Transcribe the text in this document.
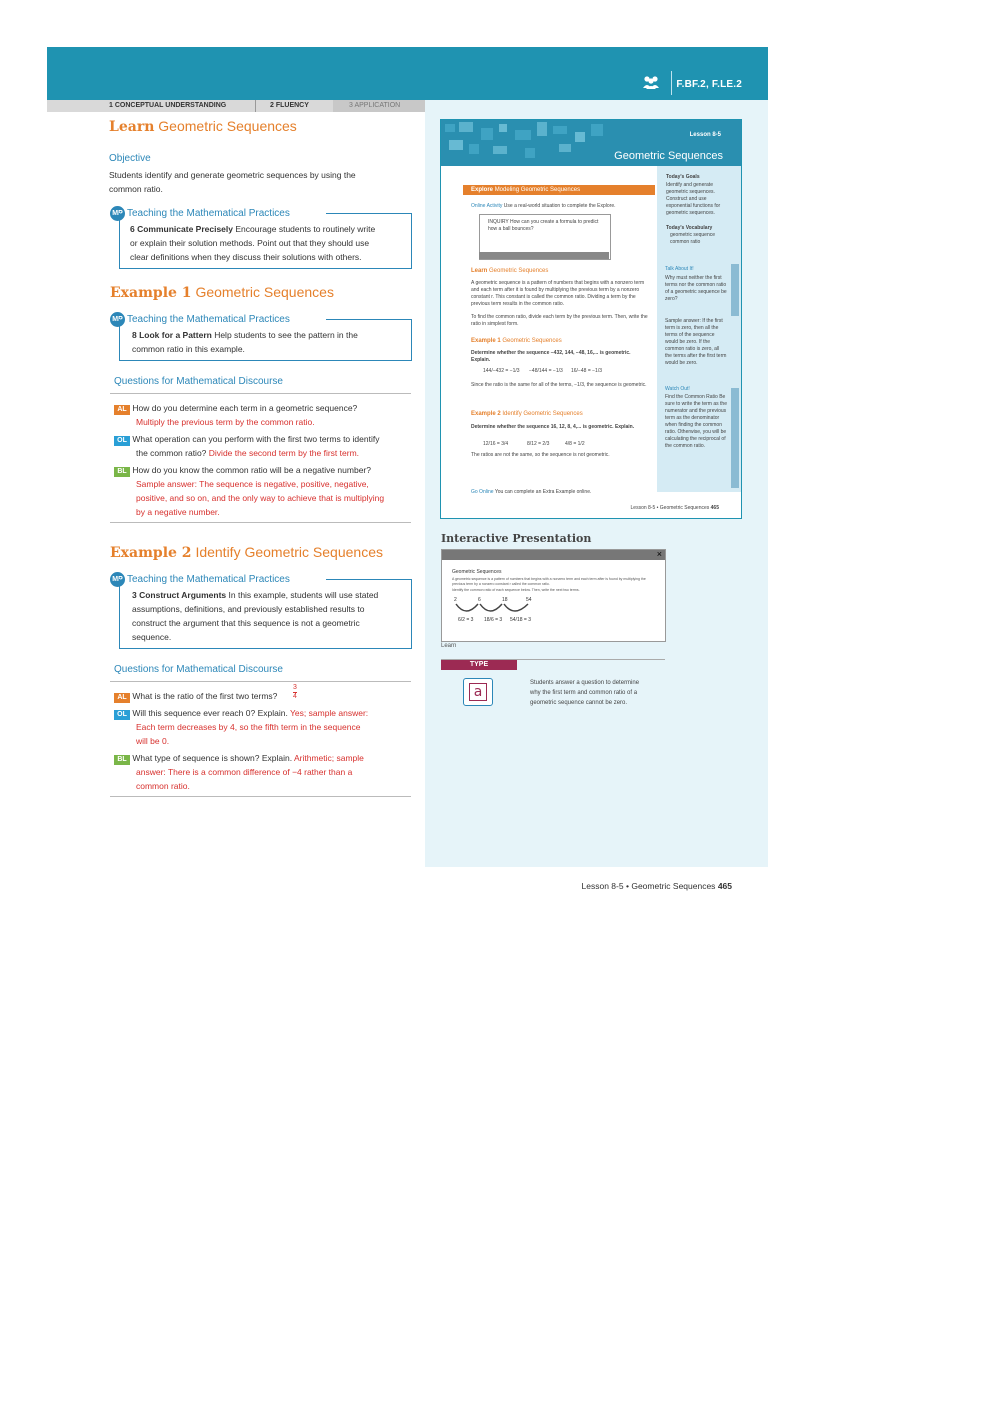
F.BF.2, F.LE.2
1 CONCEPTUAL UNDERSTANDING	2 FLUENCY	3 APPLICATION
Learn Geometric Sequences
Objective
Students identify and generate geometric sequences by using the
common ratio.
MP Teaching the Mathematical Practices
6 Communicate Precisely Encourage students to routinely write
or explain their solution methods. Point out that they should use
clear definitions when they discuss their solutions with others.
Example 1 Geometric Sequences
MP Teaching the Mathematical Practices
8 Look for a Pattern Help students to see the pattern in the
common ratio in this example.
Questions for Mathematical Discourse
AL How do you determine each term in a geometric sequence?
Multiply the previous term by the common ratio.
OL What operation can you perform with the first two terms to identify
the common ratio? Divide the second term by the first term.
BL How do you know the common ratio will be a negative number?
Sample answer: The sequence is negative, positive, negative,
positive, and so on, and the only way to achieve that is multiplying
by a negative number.
Example 2 Identify Geometric Sequences
MP Teaching the Mathematical Practices
3 Construct Arguments In this example, students will use stated
assumptions, definitions, and previously established results to
construct the argument that this sequence is not a geometric
sequence.
Questions for Mathematical Discourse
AL What is the ratio of the first two terms? $\frac{3}{4}$
OL Will this sequence ever reach 0? Explain. Yes; sample answer:
Each term decreases by 4, so the fifth term in the sequence
will be 0.
BL What type of sequence is shown? Explain. Arithmetic; sample
answer: There is a common difference of −4 rather than a
common ratio.
Lesson 8-5
Geometric Sequences
Today's Goals
Identify and generate geometric sequences.
Construct and use exponential functions for geometric sequences.
Today's Vocabulary
geometric sequence
common ratio
Talk About It!
Why must neither the first terms nor the common ratio of a geometric sequence be zero?
Sample answer: If the first term is zero, then all the terms of the sequence would be zero. If the common ratio is zero, all the terms after the first term would be zero.
Watch Out!
Find the Common Ratio Be sure to write the term as the numerator and the previous term as the denominator when finding the common ratio. Otherwise, you will be calculating the reciprocal of the common ratio.
Explore Modeling Geometric Sequences
Online Activity Use a real-world situation to complete the Explore.
INQUIRY How can you create a formula to predict how a ball bounces?
Learn Geometric Sequences
A geometric sequence is a pattern of numbers that begins with a nonzero term and each term after it is found by multiplying the previous term by a nonzero constant r. This constant is called the common ratio. Dividing a term by the previous term results in the common ratio.
To find the common ratio, divide each term by the previous term. Then, write the ratio in simplest form.
Example 1 Geometric Sequences
Determine whether the sequence −432, 144, −48, 16,... is geometric. Explain.
144/−432 = −1/3 −48/144 = −1/3 16/−48 = −1/3
Since the ratio is the same for all of the terms, −1/3, the sequence is geometric.
Example 2 Identify Geometric Sequences
Determine whether the sequence 16, 12, 8, 4,... is geometric. Explain.
12/16 = 3/4	8/12 = 2/3	4/8 = 1/2
The ratios are not the same, so the sequence is not geometric.
Go Online You can complete an Extra Example online.
Lesson 8-5 • Geometric Sequences 465
Interactive Presentation
×
Geometric Sequences
A geometric sequence is a pattern of numbers that begins with a nonzero term and each term after is found by multiplying the previous term by a nonzero constant r called the common ratio.
Identify the common ratio of each sequence below. Then, write the next two terms.
2	6	18	54
6/2 = 3 18/6 = 3 54/18 = 3
Learn
TYPE
a
Students answer a question to determine
why the first term and common ratio of a
geometric sequence cannot be zero.
Lesson 8-5 • Geometric Sequences 465
